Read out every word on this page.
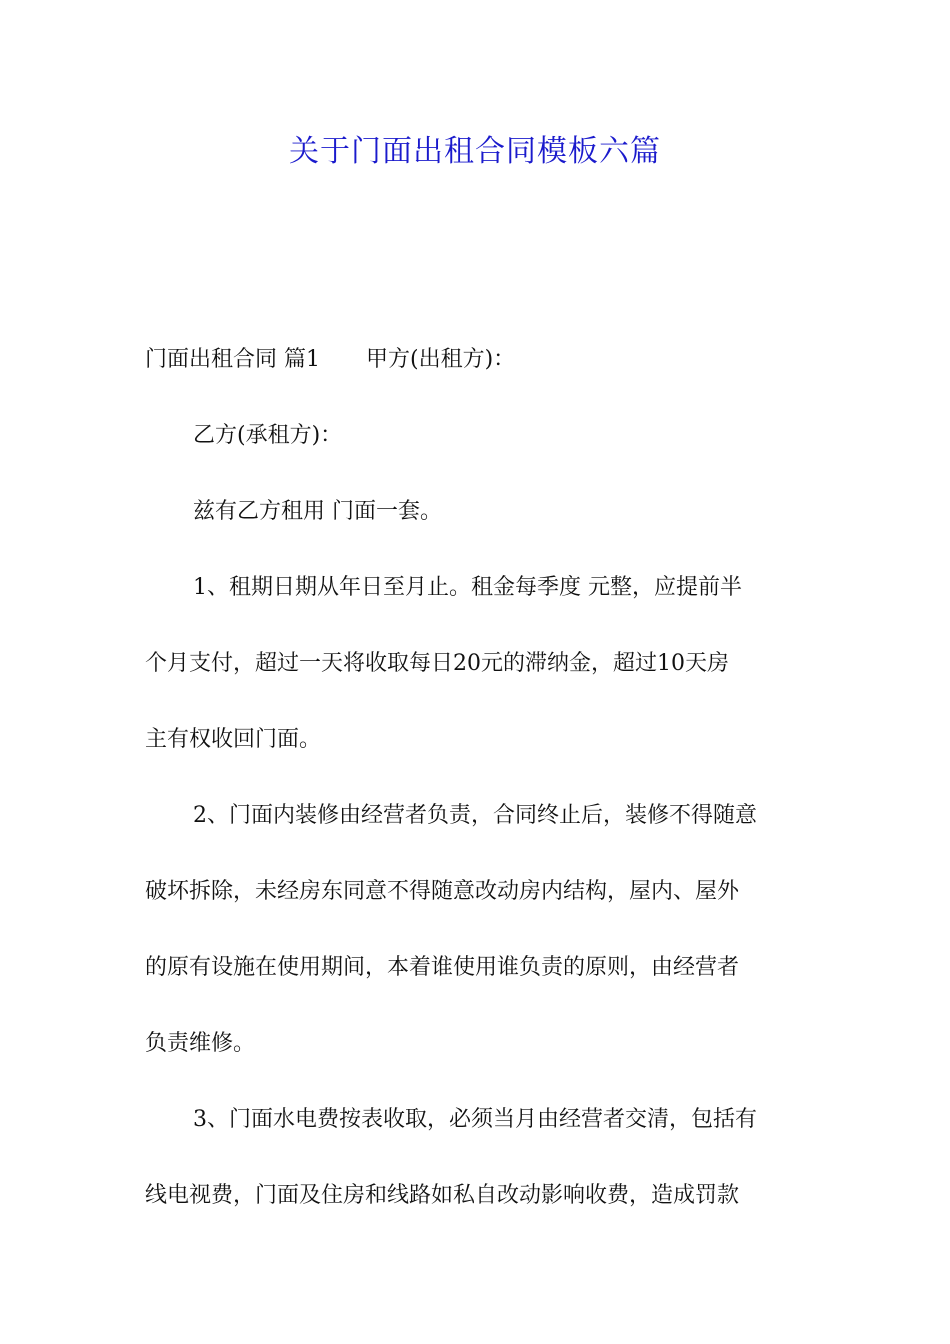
关于门面出租合同模板六篇
门面出租合同 篇1 甲方(出租方)：
乙方(承租方)：
兹有乙方租用 门面一套。
1、租期日期从年日至月止。租金每季度 元整，应提前半
个月支付，超过一天将收取每日20元的滞纳金，超过10天房
主有权收回门面。
2、门面内装修由经营者负责，合同终止后，装修不得随意
破坏拆除，未经房东同意不得随意改动房内结构，屋内、屋外
的原有设施在使用期间，本着谁使用谁负责的原则，由经营者
负责维修。
3、门面水电费按表收取，必须当月由经营者交清，包括有
线电视费，门面及住房和线路如私自改动影响收费，造成罚款
